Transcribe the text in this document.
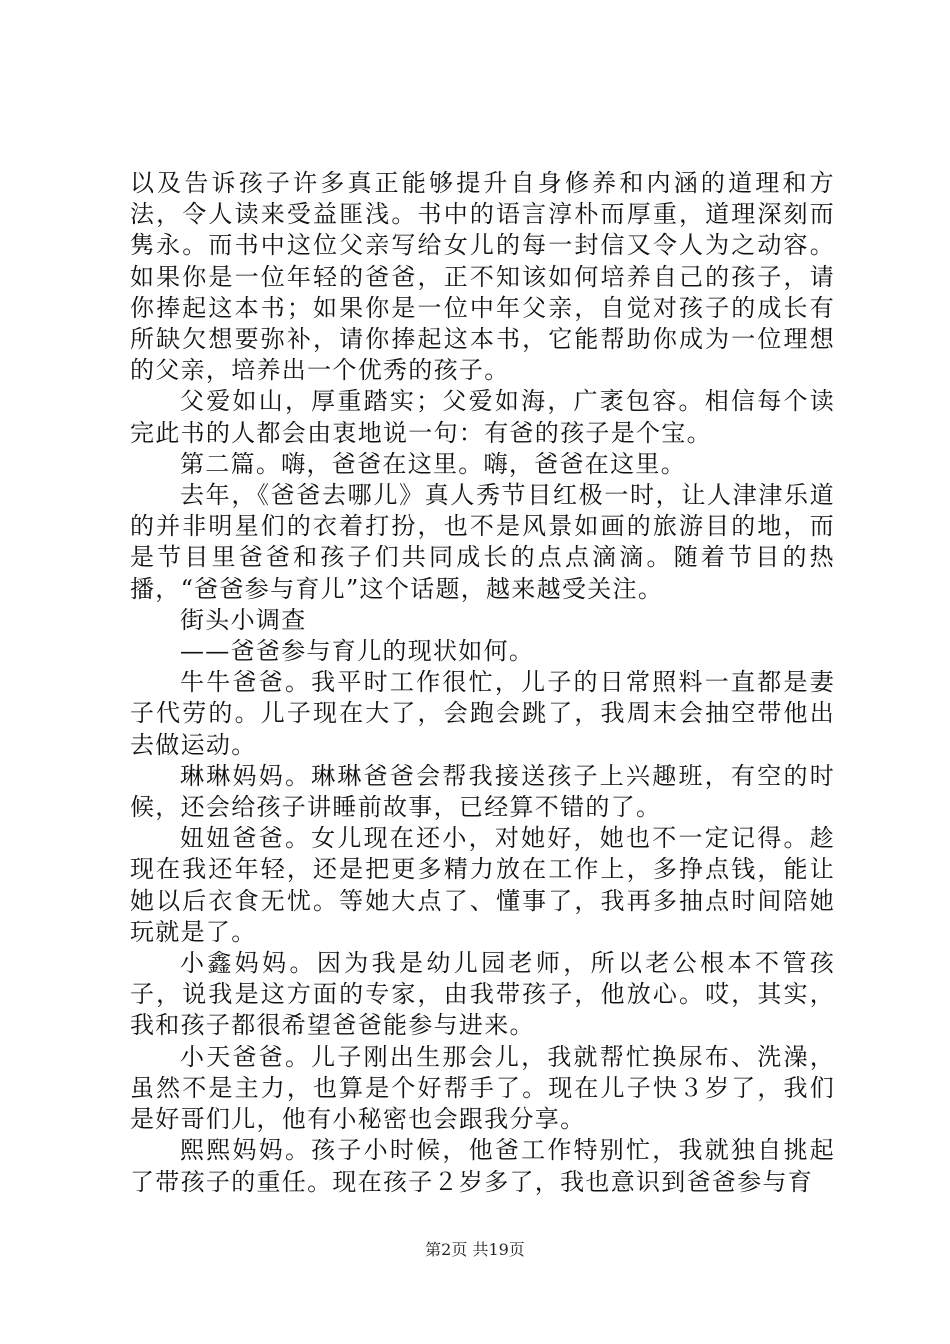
以及告诉孩子许多真正能够提升自身修养和内涵的道理和方法，令人读来受益匪浅。书中的语言淳朴而厚重，道理深刻而隽永。而书中这位父亲写给女儿的每一封信又令人为之动容。如果你是一位年轻的爸爸，正不知该如何培养自己的孩子，请你捧起这本书；如果你是一位中年父亲，自觉对孩子的成长有所缺欠想要弥补，请你捧起这本书，它能帮助你成为一位理想的父亲，培养出一个优秀的孩子。

父爱如山，厚重踏实；父爱如海，广袤包容。相信每个读完此书的人都会由衷地说一句：有爸的孩子是个宝。

第二篇。嗨，爸爸在这里。嗨，爸爸在这里。

去年，《爸爸去哪儿》真人秀节目红极一时，让人津津乐道的并非明星们的衣着打扮，也不是风景如画的旅游目的地，而是节目里爸爸和孩子们共同成长的点点滴滴。随着节目的热播，“爸爸参与育儿”这个话题，越来越受关注。

街头小调查

——爸爸参与育儿的现状如何。

牛牛爸爸。我平时工作很忙，儿子的日常照料一直都是妻子代劳的。儿子现在大了，会跑会跳了，我周末会抽空带他出去做运动。

琳琳妈妈。琳琳爸爸会帮我接送孩子上兴趣班，有空的时候，还会给孩子讲睡前故事，已经算不错的了。

妞妞爸爸。女儿现在还小，对她好，她也不一定记得。趁现在我还年轻，还是把更多精力放在工作上，多挣点钱，能让她以后衣食无忧。等她大点了、懂事了，我再多抽点时间陪她玩就是了。

小鑫妈妈。因为我是幼儿园老师，所以老公根本不管孩子，说我是这方面的专家，由我带孩子，他放心。哎，其实，我和孩子都很希望爸爸能参与进来。

小天爸爸。儿子刚出生那会儿，我就帮忙换尿布、洗澡，虽然不是主力，也算是个好帮手了。现在儿子快３岁了，我们是好哥们儿，他有小秘密也会跟我分享。

熙熙妈妈。孩子小时候，他爸工作特别忙，我就独自挑起了带孩子的重任。现在孩子２岁多了，我也意识到爸爸参与育

第2页 共19页
